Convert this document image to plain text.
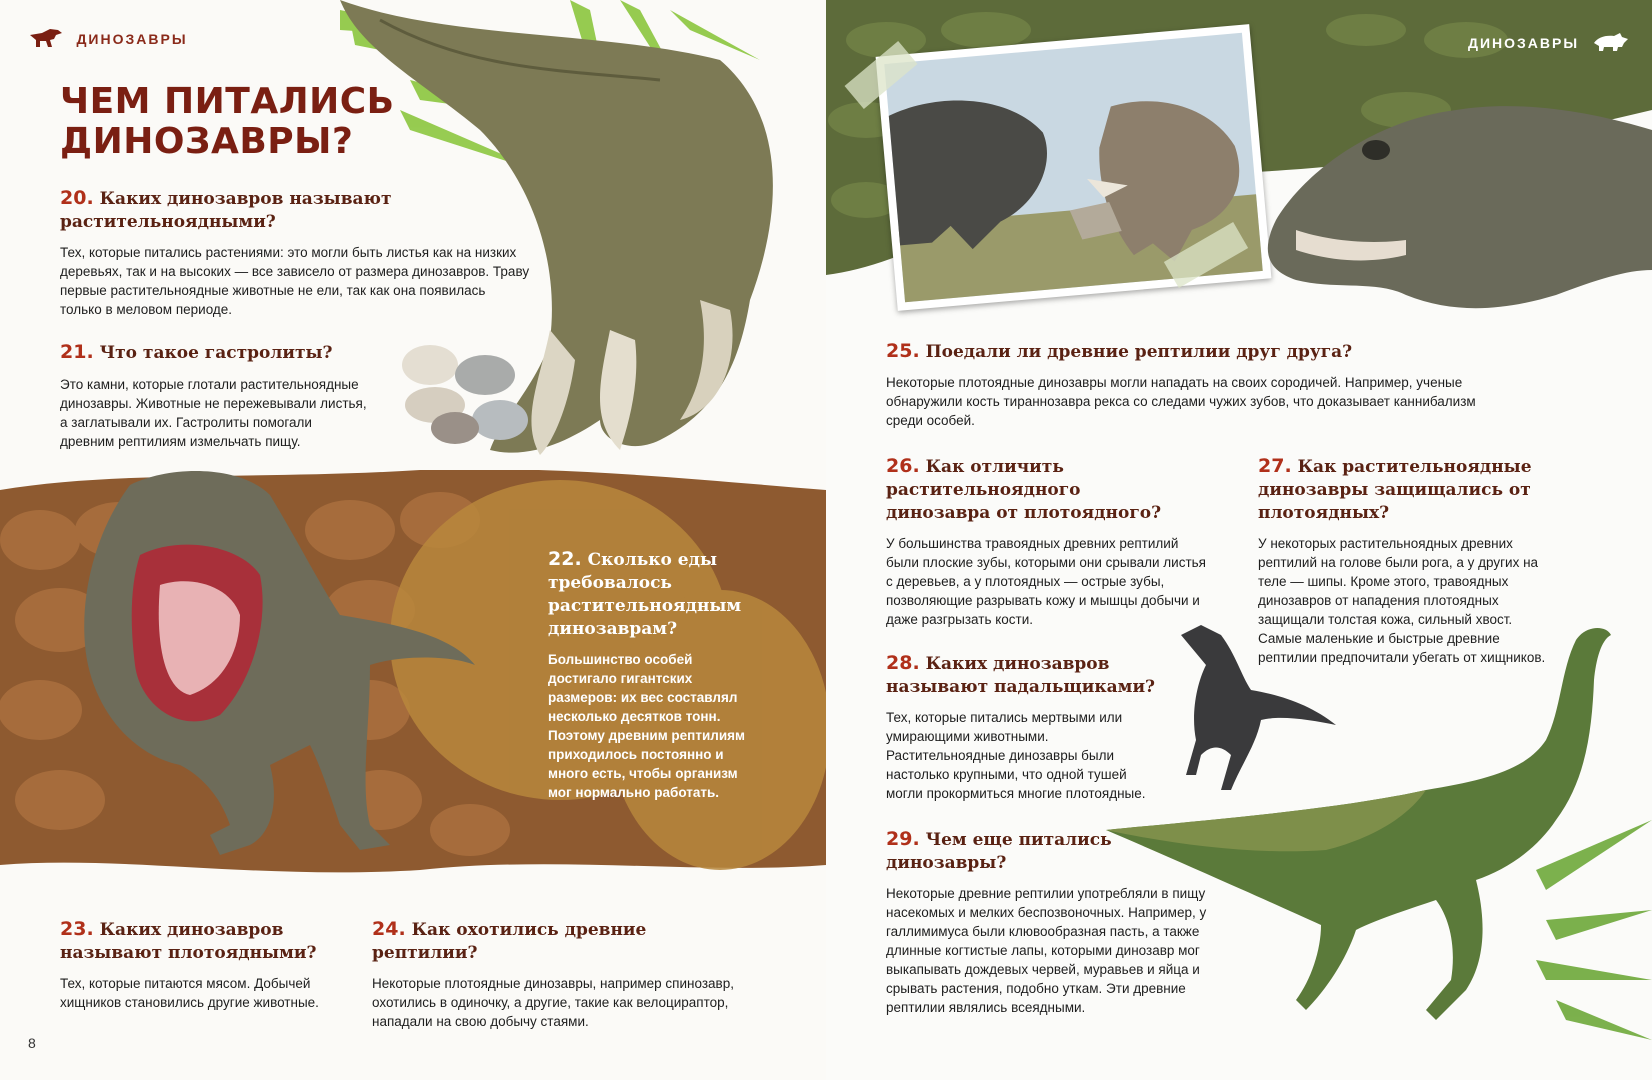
ДИНОЗАВРЫ
ЧЕМ ПИТАЛИСЬ ДИНОЗАВРЫ?

20. Каких динозавров называют растительноядными?

Тех, которые питались растениями: это могли быть листья как на низких деревьях, так и на высоких — все зависело от размера динозавров. Траву первые растительноядные животные не ели, так как она появилась только в меловом периоде.

21. Что такое гастролиты?

Это камни, которые глотали растительноядные динозавры. Животные не пережевывали листья, а заглатывали их. Гастролиты помогали древним рептилиям измельчать пищу.

22. Сколько еды требовалось растительноядным динозаврам?

Большинство особей достигало гигантских размеров: их вес составлял несколько десятков тонн. Поэтому древним рептилиям приходилось постоянно и много есть, чтобы организм мог нормально работать.

23. Каких динозавров называют плотоядными?

Тех, которые питаются мясом. Добычей хищников становились другие животные.

24. Как охотились древние рептилии?

Некоторые плотоядные динозавры, например спинозавр, охотились в одиночку, а другие, такие как велоцираптор, нападали на свою добычу стаями.

8
ДИНОЗАВРЫ

25. Поедали ли древние рептилии друг друга?

Некоторые плотоядные динозавры могли нападать на своих сородичей. Например, ученые обнаружили кость тираннозавра рекса со следами чужих зубов, что доказывает каннибализм среди особей.

26. Как отличить растительноядного динозавра от плотоядного?

У большинства травоядных древних рептилий были плоские зубы, которыми они срывали листья с деревьев, а у плотоядных — острые зубы, позволяющие разрывать кожу и мышцы добычи и даже разгрызать кости.

27. Как растительноядные динозавры защищались от плотоядных?

У некоторых растительноядных древних рептилий на голове были рога, а у других на теле — шипы. Кроме этого, травоядных динозавров от нападения плотоядных защищали толстая кожа, сильный хвост. Самые маленькие и быстрые древние рептилии предпочитали убегать от хищников.

28. Каких динозавров называют падальщиками?

Тех, которые питались мертвыми или умирающими животными. Растительноядные динозавры были настолько крупными, что одной тушей могли прокормиться многие плотоядные.

29. Чем еще питались динозавры?

Некоторые древние рептилии употребляли в пищу насекомых и мелких беспозвоночных. Например, у галлимимуса были клювообразная пасть, а также длинные когтистые лапы, которыми динозавр мог выкапывать дождевых червей, муравьев и яйца и срывать растения, подобно уткам. Эти древние рептилии являлись всеядными.
